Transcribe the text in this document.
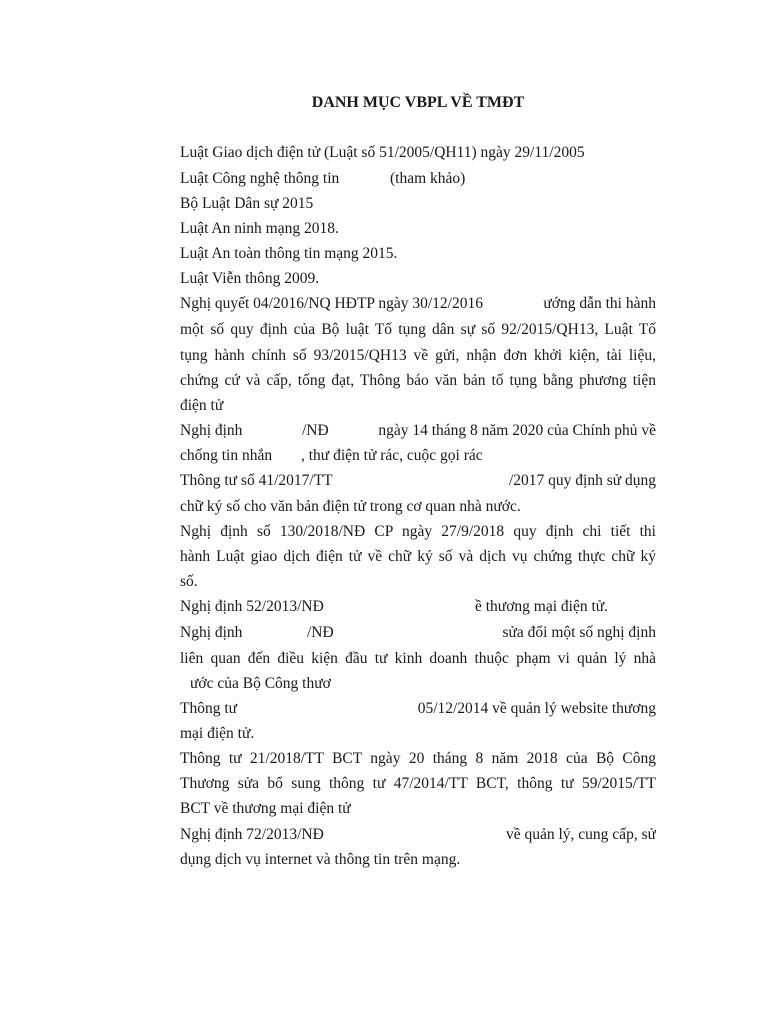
DANH MỤC VBPL VỀ TMĐT
Luật Giao dịch điện tử (Luật số 51/2005/QH11) ngày 29/11/2005
Luật Công nghệ thông tin	(tham khảo)
Bộ Luật Dân sự 2015
Luật An ninh mạng 2018.
Luật An toàn thông tin mạng 2015.
Luật Viễn thông 2009.
Nghị quyết 04/2016/NQ HĐTP ngày 30/12/2016	ướng dẫn thi hành
một số quy định của Bộ luật Tố tụng dân sự số 92/2015/QH13, Luật Tố
tụng hành chính số 93/2015/QH13 về gửi, nhận đơn khởi kiện, tài liệu,
chứng cứ và cấp, tống đạt, Thông báo văn bản tố tụng bằng phương tiện
điện tử
Nghị định	/NĐ	ngày 14 tháng 8 năm 2020 của Chính phủ về
chống tin nhắn , thư điện tử rác, cuộc gọi rác
Thông tư số 41/2017/TT	/2017 quy định sử dụng
chữ ký số cho văn bản điện tử trong cơ quan nhà nước.
Nghị định số 130/2018/NĐ CP ngày 27/9/2018 quy định chi tiết thi
hành Luật giao dịch điện tử về chữ ký số và dịch vụ chứng thực chữ ký
số.
Nghị định 52/2013/NĐ	ề thương mại điện tử.
Nghị định	/NĐ	sửa đổi một số nghị định
liên quan đến điều kiện đầu tư kinh doanh thuộc phạm vi quản lý nhà
ước của Bộ Công thươ
Thông tư	05/12/2014 về quản lý website thương
mại điện tử.
Thông tư 21/2018/TT BCT ngày 20 tháng 8 năm 2018 của Bộ Công
Thương sửa bổ sung thông tư 47/2014/TT BCT, thông tư 59/2015/TT
BCT về thương mại điện tử
Nghị định 72/2013/NĐ	về quản lý, cung cấp, sử
dụng dịch vụ internet và thông tin trên mạng.
